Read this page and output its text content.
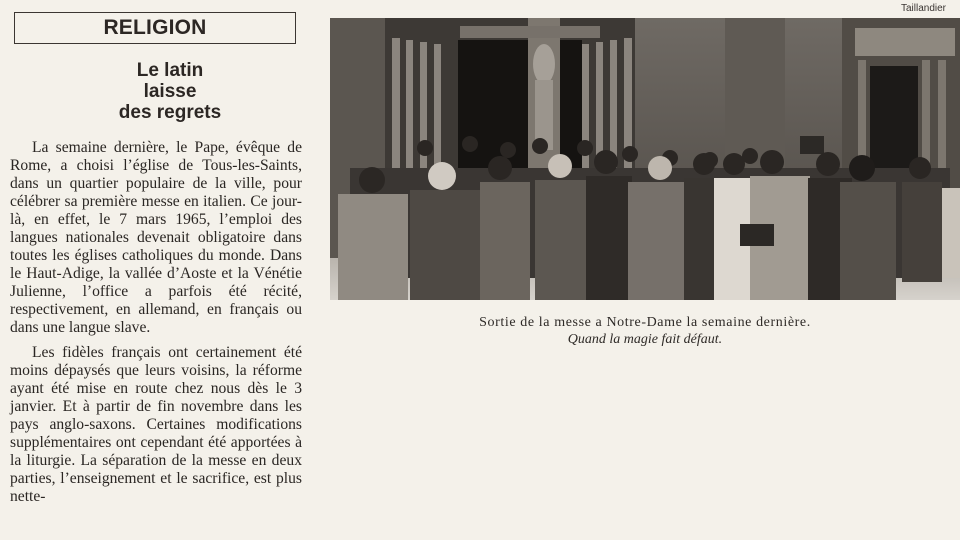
RELIGION
Le latin
laisse
des regrets

La semaine dernière, le Pape, évêque de Rome, a choisi l’église de Tous-les-Saints, dans un quartier populaire de la ville, pour célébrer sa première messe en italien. Ce jour-là, en effet, le 7 mars 1965, l’emploi des langues nationales devenait obligatoire dans toutes les églises catholiques du monde. Dans le Haut-Adige, la vallée d’Aoste et la Vénétie Julienne, l’office a parfois été récité, respectivement, en allemand, en français ou dans une langue slave.

Les fidèles français ont certainement été moins dépaysés que leurs voisins, la réforme ayant été mise en route chez nous dès le 3 janvier. Et à partir de fin novembre dans les pays anglo-saxons. Certaines modifications supplémentaires ont cependant été apportées à la liturgie. La séparation de la messe en deux parties, l’enseignement et le sacrifice, est plus nette-

Taillandier
Sortie de la messe a Notre-Dame la semaine dernière.
Quand la magie fait défaut.
